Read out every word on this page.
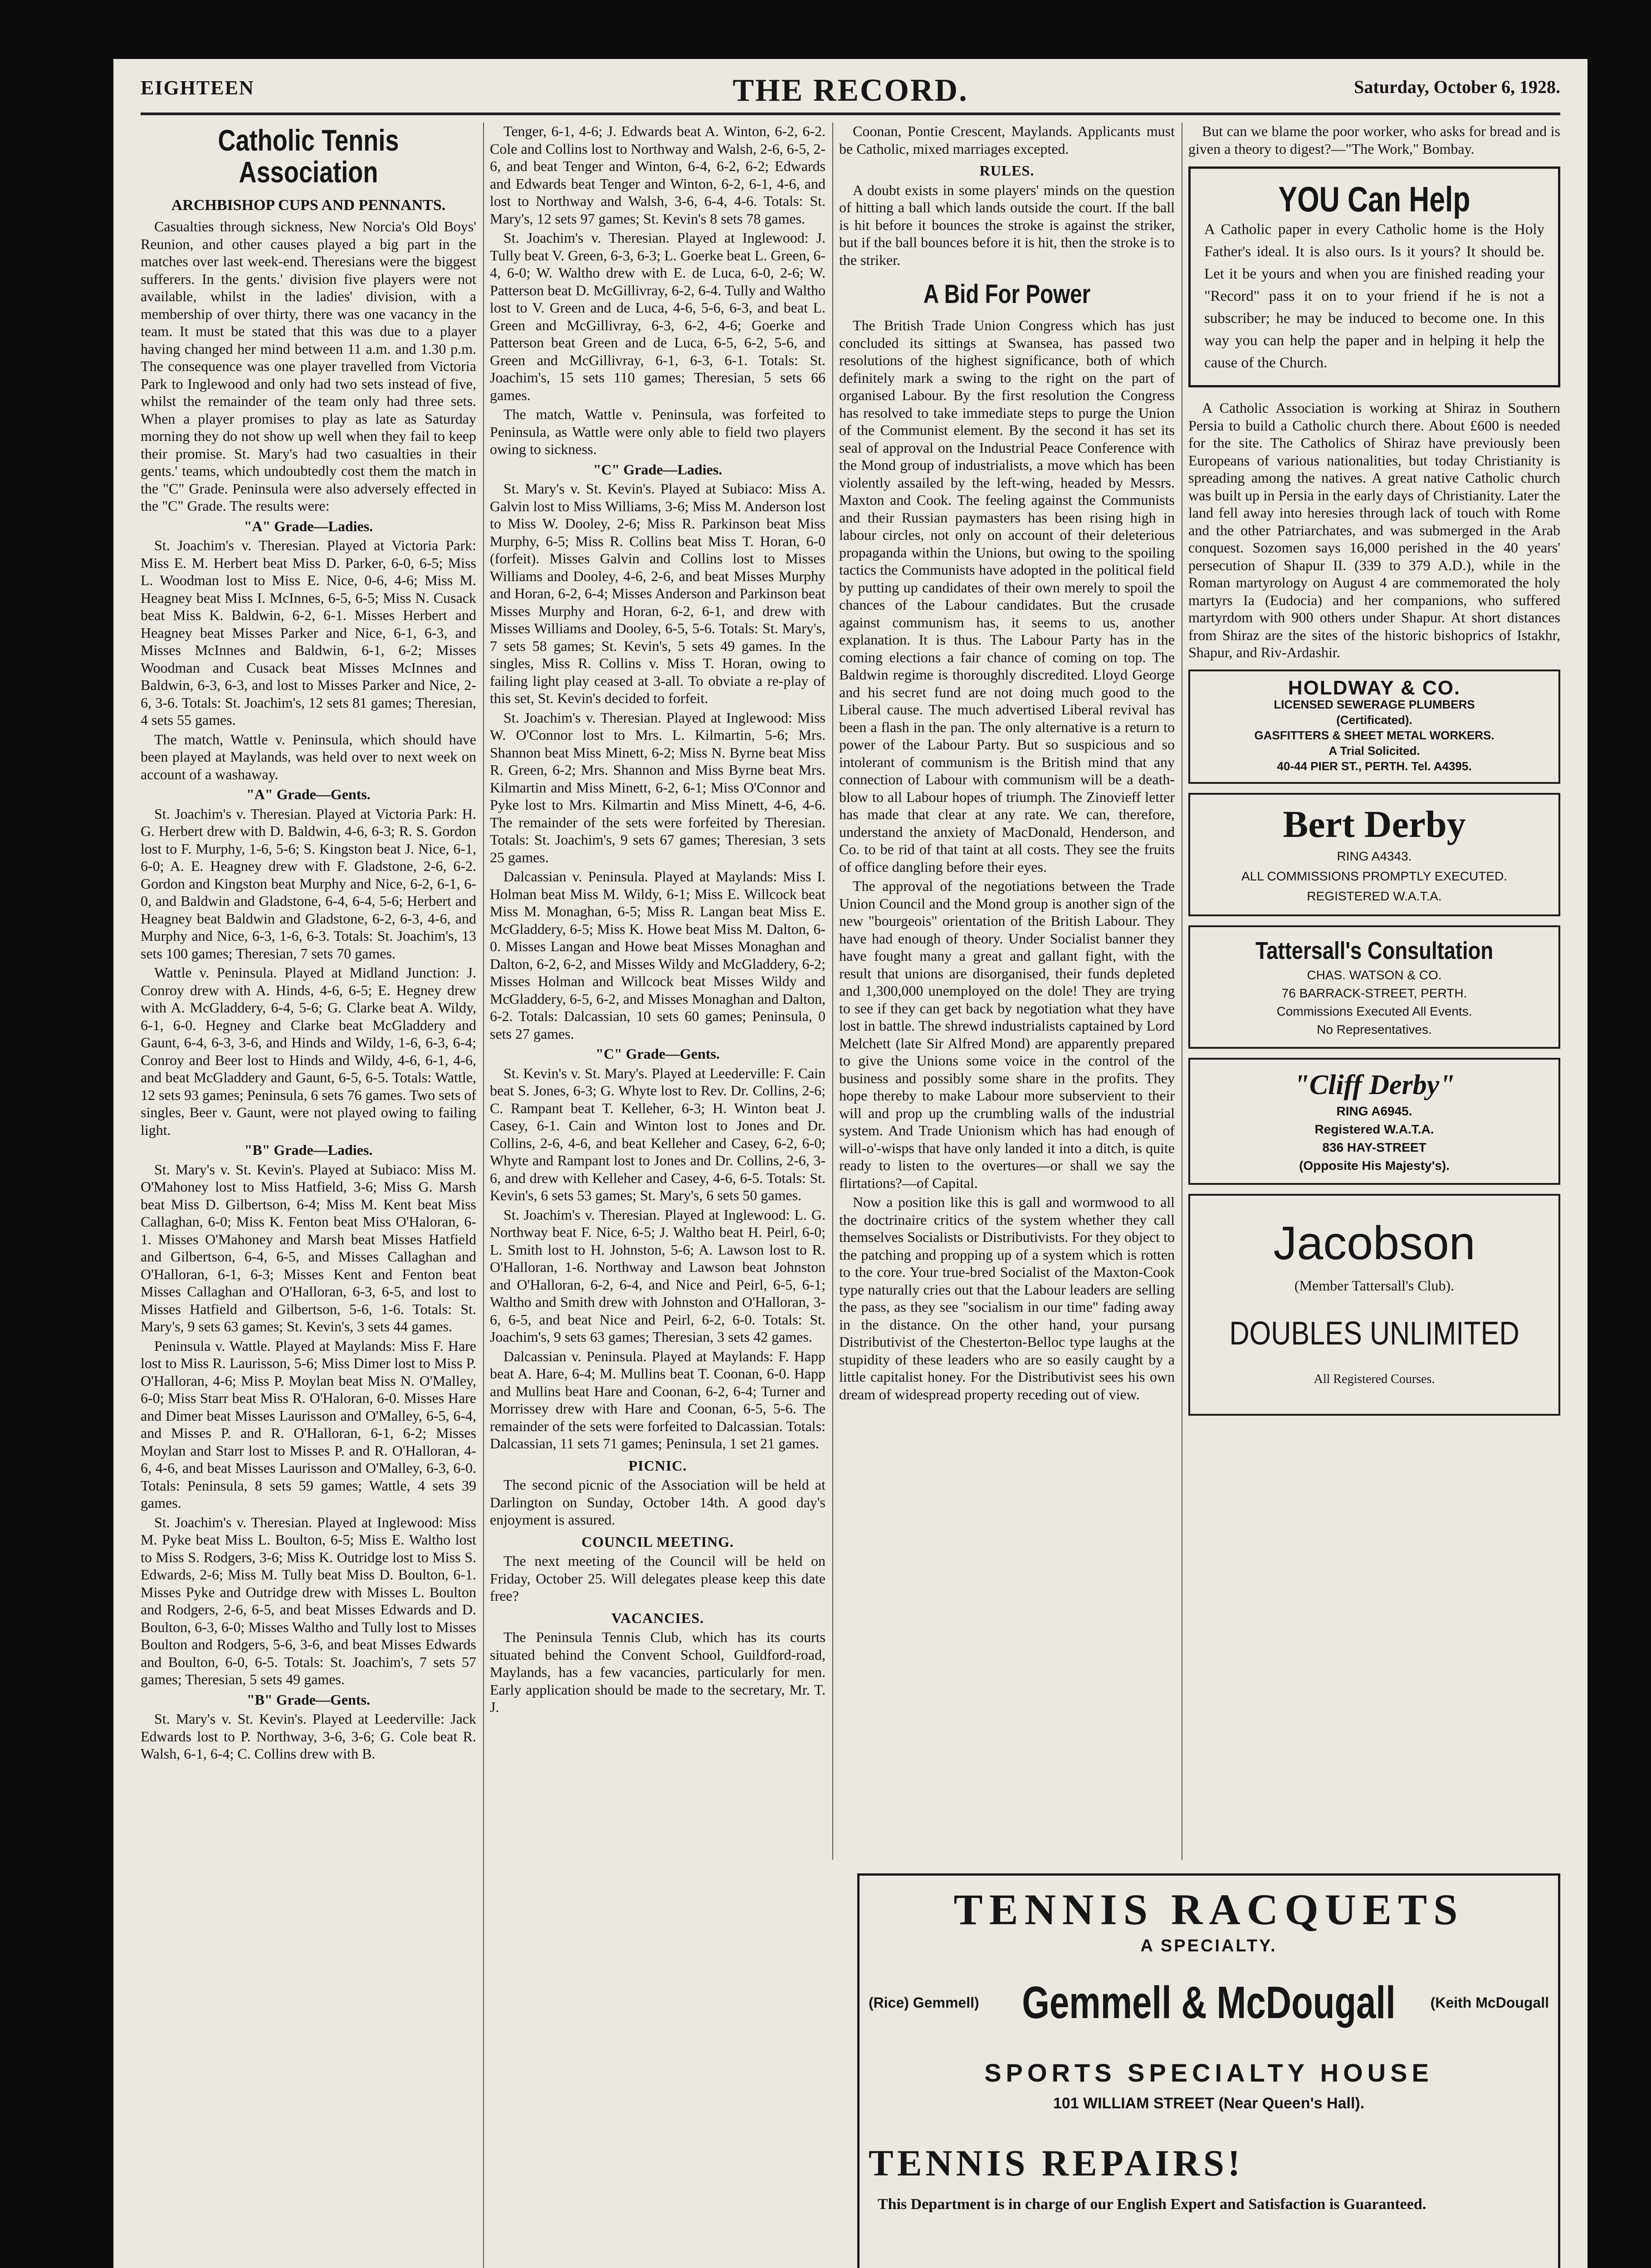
EIGHTEEN	THE RECORD.	Saturday, October 6, 1928.
Catholic Tennis Association
ARCHBISHOP CUPS AND PENNANTS.

Casualties through sickness, New Norcia's Old Boys' Reunion, and other causes played a big part in the matches over last week-end. Theresians were the biggest sufferers. In the gents.' division five players were not available, whilst in the ladies' division, with a membership of over thirty, there was one vacancy in the team. It must be stated that this was due to a player having changed her mind between 11 a.m. and 1.30 p.m. The consequence was one player travelled from Victoria Park to Inglewood and only had two sets instead of five, whilst the remainder of the team only had three sets. When a player promises to play as late as Saturday morning they do not show up well when they fail to keep their promise. St. Mary's had two casualties in their gents.' teams, which undoubtedly cost them the match in the "C" Grade. Peninsula were also adversely effected in the "C" Grade. The results were:

"A" Grade—Ladies.

St. Joachim's v. Theresian. Played at Victoria Park: Miss E. M. Herbert beat Miss D. Parker, 6-0, 6-5; Miss L. Woodman lost to Miss E. Nice, 0-6, 4-6; Miss M. Heagney beat Miss I. McInnes, 6-5, 6-5; Miss N. Cusack beat Miss K. Baldwin, 6-2, 6-1. Misses Herbert and Heagney beat Misses Parker and Nice, 6-1, 6-3, and Misses McInnes and Baldwin, 6-1, 6-2; Misses Woodman and Cusack beat Misses McInnes and Baldwin, 6-3, 6-3, and lost to Misses Parker and Nice, 2-6, 3-6. Totals: St. Joachim's, 12 sets 81 games; Theresian, 4 sets 55 games.

The match, Wattle v. Peninsula, which should have been played at Maylands, was held over to next week on account of a washaway.

"A" Grade—Gents.

St. Joachim's v. Theresian. Played at Victoria Park: H. G. Herbert drew with D. Baldwin, 4-6, 6-3; R. S. Gordon lost to F. Murphy, 1-6, 5-6; S. Kingston beat J. Nice, 6-1, 6-0; A. E. Heagney drew with F. Gladstone, 2-6, 6-2. Gordon and Kingston beat Murphy and Nice, 6-2, 6-1, 6-0, and Baldwin and Gladstone, 6-4, 6-4, 5-6; Herbert and Heagney beat Baldwin and Gladstone, 6-2, 6-3, 4-6, and Murphy and Nice, 6-3, 1-6, 6-3. Totals: St. Joachim's, 13 sets 100 games; Theresian, 7 sets 70 games.

Wattle v. Peninsula. Played at Midland Junction: J. Conroy drew with A. Hinds, 4-6, 6-5; E. Hegney drew with A. McGladdery, 6-4, 5-6; G. Clarke beat A. Wildy, 6-1, 6-0. Hegney and Clarke beat McGladdery and Gaunt, 6-4, 6-3, 3-6, and Hinds and Wildy, 1-6, 6-3, 6-4; Conroy and Beer lost to Hinds and Wildy, 4-6, 6-1, 4-6, and beat McGladdery and Gaunt, 6-5, 6-5. Totals: Wattle, 12 sets 93 games; Peninsula, 6 sets 76 games. Two sets of singles, Beer v. Gaunt, were not played owing to failing light.

"B" Grade—Ladies.

St. Mary's v. St. Kevin's. Played at Subiaco: Miss M. O'Mahoney lost to Miss Hatfield, 3-6; Miss G. Marsh beat Miss D. Gilbertson, 6-4; Miss M. Kent beat Miss Callaghan, 6-0; Miss K. Fenton beat Miss O'Haloran, 6-1. Misses O'Mahoney and Marsh beat Misses Hatfield and Gilbertson, 6-4, 6-5, and Misses Callaghan and O'Halloran, 6-1, 6-3; Misses Kent and Fenton beat Misses Callaghan and O'Halloran, 6-3, 6-5, and lost to Misses Hatfield and Gilbertson, 5-6, 1-6. Totals: St. Mary's, 9 sets 63 games; St. Kevin's, 3 sets 44 games.

Peninsula v. Wattle. Played at Maylands: Miss F. Hare lost to Miss R. Laurisson, 5-6; Miss Dimer lost to Miss P. O'Halloran, 4-6; Miss P. Moylan beat Miss N. O'Malley, 6-0; Miss Starr beat Miss R. O'Haloran, 6-0. Misses Hare and Dimer beat Misses Laurisson and O'Malley, 6-5, 6-4, and Misses P. and R. O'Halloran, 6-1, 6-2; Misses Moylan and Starr lost to Misses P. and R. O'Halloran, 4-6, 4-6, and beat Misses Laurisson and O'Malley, 6-3, 6-0. Totals: Peninsula, 8 sets 59 games; Wattle, 4 sets 39 games.

St. Joachim's v. Theresian. Played at Inglewood: Miss M. Pyke beat Miss L. Boulton, 6-5; Miss E. Waltho lost to Miss S. Rodgers, 3-6; Miss K. Outridge lost to Miss S. Edwards, 2-6; Miss M. Tully beat Miss D. Boulton, 6-1. Misses Pyke and Outridge drew with Misses L. Boulton and Rodgers, 2-6, 6-5, and beat Misses Edwards and D. Boulton, 6-3, 6-0; Misses Waltho and Tully lost to Misses Boulton and Rodgers, 5-6, 3-6, and beat Misses Edwards and Boulton, 6-0, 6-5. Totals: St. Joachim's, 7 sets 57 games; Theresian, 5 sets 49 games.

"B" Grade—Gents.

St. Mary's v. St. Kevin's. Played at Leederville: Jack Edwards lost to P. Northway, 3-6, 3-6; G. Cole beat R. Walsh, 6-1, 6-4; C. Collins drew with B.

Tenger, 6-1, 4-6; J. Edwards beat A. Winton, 6-2, 6-2. Cole and Collins lost to Northway and Walsh, 2-6, 6-5, 2-6, and beat Tenger and Winton, 6-4, 6-2, 6-2; Edwards and Edwards beat Tenger and Winton, 6-2, 6-1, 4-6, and lost to Northway and Walsh, 3-6, 6-4, 4-6. Totals: St. Mary's, 12 sets 97 games; St. Kevin's 8 sets 78 games.

St. Joachim's v. Theresian. Played at Inglewood: J. Tully beat V. Green, 6-3, 6-3; L. Goerke beat L. Green, 6-4, 6-0; W. Waltho drew with E. de Luca, 6-0, 2-6; W. Patterson beat D. McGillivray, 6-2, 6-4. Tully and Waltho lost to V. Green and de Luca, 4-6, 5-6, 6-3, and beat L. Green and McGillivray, 6-3, 6-2, 4-6; Goerke and Patterson beat Green and de Luca, 6-5, 6-2, 5-6, and Green and McGillivray, 6-1, 6-3, 6-1. Totals: St. Joachim's, 15 sets 110 games; Theresian, 5 sets 66 games.

The match, Wattle v. Peninsula, was forfeited to Peninsula, as Wattle were only able to field two players owing to sickness.

"C" Grade—Ladies.

St. Mary's v. St. Kevin's. Played at Subiaco: Miss A. Galvin lost to Miss Williams, 3-6; Miss M. Anderson lost to Miss W. Dooley, 2-6; Miss R. Parkinson beat Miss Murphy, 6-5; Miss R. Collins beat Miss T. Horan, 6-0 (forfeit). Misses Galvin and Collins lost to Misses Williams and Dooley, 4-6, 2-6, and beat Misses Murphy and Horan, 6-2, 6-4; Misses Anderson and Parkinson beat Misses Murphy and Horan, 6-2, 6-1, and drew with Misses Williams and Dooley, 6-5, 5-6. Totals: St. Mary's, 7 sets 58 games; St. Kevin's, 5 sets 49 games. In the singles, Miss R. Collins v. Miss T. Horan, owing to failing light play ceased at 3-all. To obviate a re-play of this set, St. Kevin's decided to forfeit.

St. Joachim's v. Theresian. Played at Inglewood: Miss W. O'Connor lost to Mrs. L. Kilmartin, 5-6; Mrs. Shannon beat Miss Minett, 6-2; Miss N. Byrne beat Miss R. Green, 6-2; Mrs. Shannon and Miss Byrne beat Mrs. Kilmartin and Miss Minett, 6-2, 6-1; Miss O'Connor and Pyke lost to Mrs. Kilmartin and Miss Minett, 4-6, 4-6. The remainder of the sets were forfeited by Theresian. Totals: St. Joachim's, 9 sets 67 games; Theresian, 3 sets 25 games.

Dalcassian v. Peninsula. Played at Maylands: Miss I. Holman beat Miss M. Wildy, 6-1; Miss E. Willcock beat Miss M. Monaghan, 6-5; Miss R. Langan beat Miss E. McGladdery, 6-5; Miss K. Howe beat Miss M. Dalton, 6-0. Misses Langan and Howe beat Misses Monaghan and Dalton, 6-2, 6-2, and Misses Wildy and McGladdery, 6-2; Misses Holman and Willcock beat Misses Wildy and McGladdery, 6-5, 6-2, and Misses Monaghan and Dalton, 6-2. Totals: Dalcassian, 10 sets 60 games; Peninsula, 0 sets 27 games.

"C" Grade—Gents.

St. Kevin's v. St. Mary's. Played at Leederville: F. Cain beat S. Jones, 6-3; G. Whyte lost to Rev. Dr. Collins, 2-6; C. Rampant beat T. Kelleher, 6-3; H. Winton beat J. Casey, 6-1. Cain and Winton lost to Jones and Dr. Collins, 2-6, 4-6, and beat Kelleher and Casey, 6-2, 6-0; Whyte and Rampant lost to Jones and Dr. Collins, 2-6, 3-6, and drew with Kelleher and Casey, 4-6, 6-5. Totals: St. Kevin's, 6 sets 53 games; St. Mary's, 6 sets 50 games.

St. Joachim's v. Theresian. Played at Inglewood: L. G. Northway beat F. Nice, 6-5; J. Waltho beat H. Peirl, 6-0; L. Smith lost to H. Johnston, 5-6; A. Lawson lost to R. O'Halloran, 1-6. Northway and Lawson beat Johnston and O'Halloran, 6-2, 6-4, and Nice and Peirl, 6-5, 6-1; Waltho and Smith drew with Johnston and O'Halloran, 3-6, 6-5, and beat Nice and Peirl, 6-2, 6-0. Totals: St. Joachim's, 9 sets 63 games; Theresian, 3 sets 42 games.

Dalcassian v. Peninsula. Played at Maylands: F. Happ beat A. Hare, 6-4; M. Mullins beat T. Coonan, 6-0. Happ and Mullins beat Hare and Coonan, 6-2, 6-4; Turner and Morrissey drew with Hare and Coonan, 6-5, 5-6. The remainder of the sets were forfeited to Dalcassian. Totals: Dalcassian, 11 sets 71 games; Peninsula, 1 set 21 games.

PICNIC.

The second picnic of the Association will be held at Darlington on Sunday, October 14th. A good day's enjoyment is assured.

COUNCIL MEETING.

The next meeting of the Council will be held on Friday, October 25. Will delegates please keep this date free?

VACANCIES.

The Peninsula Tennis Club, which has its courts situated behind the Convent School, Guildford-road, Maylands, has a few vacancies, particularly for men. Early application should be made to the secretary, Mr. T. J.

Coonan, Pontie Crescent, Maylands. Applicants must be Catholic, mixed marriages excepted.

RULES.

A doubt exists in some players' minds on the question of hitting a ball which lands outside the court. If the ball is hit before it bounces the stroke is against the striker, but if the ball bounces before it is hit, then the stroke is to the striker.

A Bid For Power

The British Trade Union Congress which has just concluded its sittings at Swansea, has passed two resolutions of the highest significance, both of which definitely mark a swing to the right on the part of organised Labour. By the first resolution the Congress has resolved to take immediate steps to purge the Union of the Communist element. By the second it has set its seal of approval on the Industrial Peace Conference with the Mond group of industrialists, a move which has been violently assailed by the left-wing, headed by Messrs. Maxton and Cook. The feeling against the Communists and their Russian paymasters has been rising high in labour circles, not only on account of their deleterious propaganda within the Unions, but owing to the spoiling tactics the Communists have adopted in the political field by putting up candidates of their own merely to spoil the chances of the Labour candidates. But the crusade against communism has, it seems to us, another explanation. It is thus. The Labour Party has in the coming elections a fair chance of coming on top. The Baldwin regime is thoroughly discredited. Lloyd George and his secret fund are not doing much good to the Liberal cause. The much advertised Liberal revival has been a flash in the pan. The only alternative is a return to power of the Labour Party. But so suspicious and so intolerant of communism is the British mind that any connection of Labour with communism will be a death-blow to all Labour hopes of triumph. The Zinovieff letter has made that clear at any rate. We can, therefore, understand the anxiety of MacDonald, Henderson, and Co. to be rid of that taint at all costs. They see the fruits of office dangling before their eyes.

The approval of the negotiations between the Trade Union Council and the Mond group is another sign of the new "bourgeois" orientation of the British Labour. They have had enough of theory. Under Socialist banner they have fought many a great and gallant fight, with the result that unions are disorganised, their funds depleted and 1,300,000 unemployed on the dole! They are trying to see if they can get back by negotiation what they have lost in battle. The shrewd industrialists captained by Lord Melchett (late Sir Alfred Mond) are apparently prepared to give the Unions some voice in the control of the business and possibly some share in the profits. They hope thereby to make Labour more subservient to their will and prop up the crumbling walls of the industrial system. And Trade Unionism which has had enough of will-o'-wisps that have only landed it into a ditch, is quite ready to listen to the overtures—or shall we say the flirtations?—of Capital.

Now a position like this is gall and wormwood to all the doctrinaire critics of the system whether they call themselves Socialists or Distributivists. For they object to the patching and propping up of a system which is rotten to the core. Your true-bred Socialist of the Maxton-Cook type naturally cries out that the Labour leaders are selling the pass, as they see "socialism in our time" fading away in the distance. On the other hand, your pursang Distributivist of the Chesterton-Belloc type laughs at the stupidity of these leaders who are so easily caught by a little capitalist honey. For the Distributivist sees his own dream of widespread property receding out of view.

But can we blame the poor worker, who asks for bread and is given a theory to digest?—"The Work," Bombay.

YOU Can Help
A Catholic paper in every Catholic home is the Holy Father's ideal. It is also ours. Is it yours? It should be. Let it be yours and when you are finished reading your "Record" pass it on to your friend if he is not a subscriber; he may be induced to become one. In this way you can help the paper and in helping it help the cause of the Church.

A Catholic Association is working at Shiraz in Southern Persia to build a Catholic church there. About £600 is needed for the site. The Catholics of Shiraz have previously been Europeans of various nationalities, but today Christianity is spreading among the natives. A great native Catholic church was built up in Persia in the early days of Christianity. Later the land fell away into heresies through lack of touch with Rome and the other Patriarchates, and was submerged in the Arab conquest. Sozomen says 16,000 perished in the 40 years' persecution of Shapur II. (339 to 379 A.D.), while in the Roman martyrology on August 4 are commemorated the holy martyrs Ia (Eudocia) and her companions, who suffered martyrdom with 900 others under Shapur. At short distances from Shiraz are the sites of the historic bishoprics of Istakhr, Shapur, and Riv-Ardashir.

HOLDWAY & CO.
LICENSED SEWERAGE PLUMBERS
(Certificated).
GASFITTERS & SHEET METAL WORKERS.
A Trial Solicited.
40-44 PIER ST., PERTH. Tel. A4395.
Bert Derby
RING A4343.
ALL COMMISSIONS PROMPTLY EXECUTED.
REGISTERED W.A.T.A.
Tattersall's Consultation
CHAS. WATSON & CO.
76 BARRACK-STREET, PERTH.
Commissions Executed All Events.
No Representatives.
"Cliff Derby"
RING A6945.
Registered W.A.T.A.
836 HAY-STREET
(Opposite His Majesty's).
Jacobson
(Member Tattersall's Club).
DOUBLES UNLIMITED
All Registered Courses.
TENNIS RACQUETS
A SPECIALTY.
(Rice) Gemmell) Gemmell & McDougall	(Keith McDougall
SPORTS SPECIALTY HOUSE
101 WILLIAM STREET (Near Queen's Hall).
TENNIS REPAIRS!
This Department is in charge of our English Expert and Satisfaction is Guaranteed.
